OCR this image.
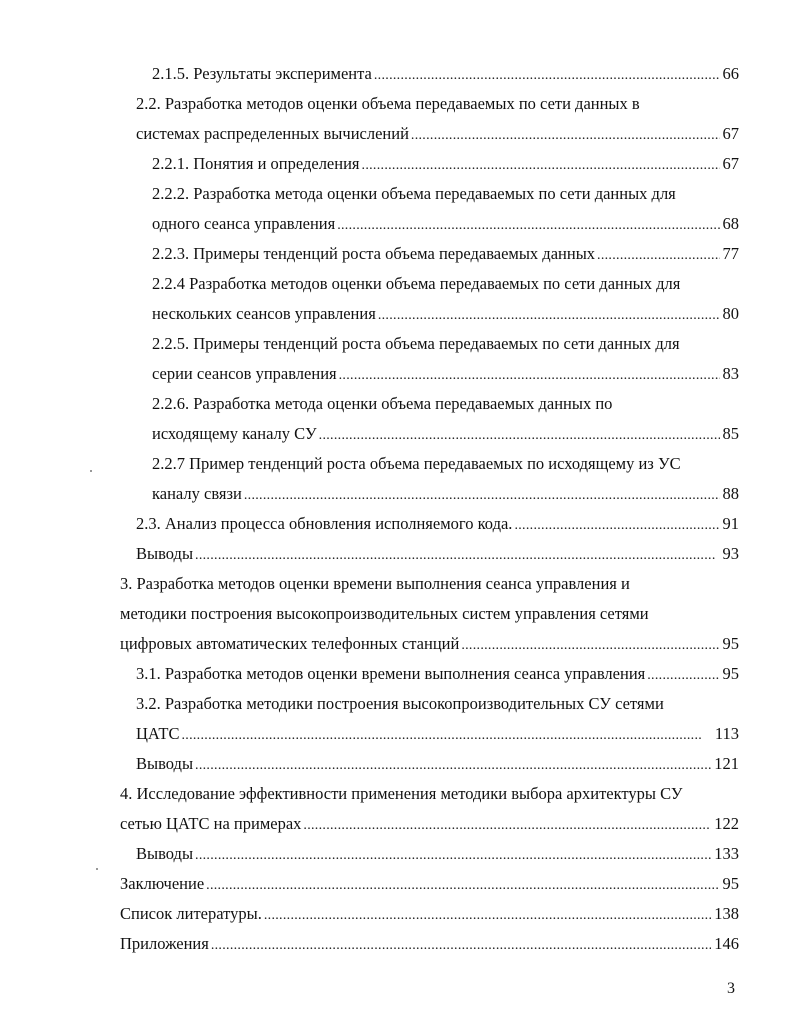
2.1.5. Результаты эксперимента . . .	66
2.2. Разработка методов оценки объема передаваемых по сети данных в
системах распределенных вычислений . . .	67
2.2.1. Понятия и определения . . .	67
2.2.2. Разработка метода оценки объема передаваемых по сети данных для
одного сеанса управления . . .	68
2.2.3. Примеры тенденций роста объема передаваемых данных . . .	77
2.2.4 Разработка методов оценки объема передаваемых по сети данных для
нескольких сеансов управления . . .	80
2.2.5. Примеры тенденций роста объема передаваемых по сети данных для
серии сеансов управления . . .	83
2.2.6. Разработка метода оценки объема передаваемых данных по
исходящему каналу СУ . . .	85
2.2.7 Пример тенденций роста объема передаваемых по исходящему из УС
каналу связи . . .	88
2.3. Анализ процесса обновления исполняемого кода. . . .	91
Выводы . . .	93
3. Разработка методов оценки времени выполнения сеанса управления и
методики построения высокопроизводительных систем управления сетями
цифровых автоматических телефонных станций . . .	95
3.1. Разработка методов оценки времени выполнения сеанса управления . . .	95
3.2. Разработка методики построения высокопроизводительных СУ сетями
ЦАТС . . .	113
Выводы . . .	121
4. Исследование эффективности применения методики выбора архитектуры СУ
сетью ЦАТС на примерах . . .	122
Выводы . . .	133
Заключение . . .	95
Список литературы. . . .	138
Приложения . . .	146
3
